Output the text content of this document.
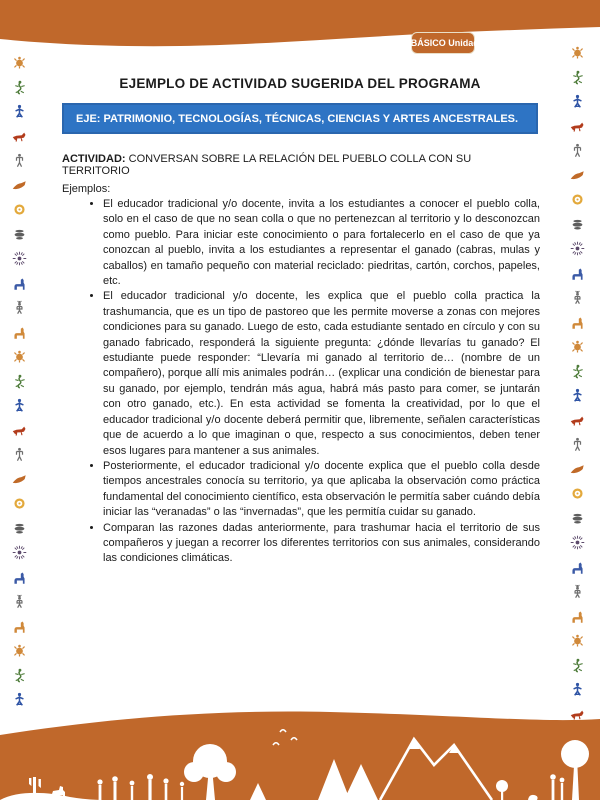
1° BÁSICO Unidad 2
EJEMPLO DE ACTIVIDAD SUGERIDA DEL PROGRAMA
EJE: PATRIMONIO, TECNOLOGÍAS, TÉCNICAS, CIENCIAS Y ARTES ANCESTRALES.

ACTIVIDAD: CONVERSAN SOBRE LA RELACIÓN DEL PUEBLO COLLA CON SU TERRITORIO

Ejemplos:

• El educador tradicional y/o docente, invita a los estudiantes a conocer el pueblo colla, solo en el caso de que no sean colla o que no pertenezcan al territorio y lo desconozcan como pueblo. Para iniciar este conocimiento o para fortalecerlo en el caso de que ya conozcan al pueblo, invita a los estudiantes a representar el ganado (cabras, mulas y caballos) en tamaño pequeño con material reciclado: piedritas, cartón, corchos, papeles, etc.
• El educador tradicional y/o docente, les explica que el pueblo colla practica la trashumancia, que es un tipo de pastoreo que les permite moverse a zonas con mejores condiciones para su ganado. Luego de esto, cada estudiante sentado en círculo y con su ganado fabricado, responderá la siguiente pregunta: ¿dónde llevarías tu ganado? El estudiante puede responder: “Llevaría mi ganado al territorio de… (nombre de un compañero), porque allí mis animales podrán… (explicar una condición de bienestar para su ganado, por ejemplo, tendrán más agua, habrá más pasto para comer, se juntarán con otro ganado, etc.). En esta actividad se fomenta la creatividad, por lo que el educador tradicional y/o docente deberá permitir que, libremente, señalen características que de acuerdo a lo que imaginan o que, respecto a sus conocimientos, deben tener esos lugares para mantener a sus animales.
• Posteriormente, el educador tradicional y/o docente explica que el pueblo colla desde tiempos ancestrales conocía su territorio, ya que aplicaba la observación como práctica fundamental del conocimiento científico, esta observación le permitía saber cuándo debía iniciar las “veranadas” o las “invernadas”, que les permitía cuidar su ganado.
• Comparan las razones dadas anteriormente, para trashumar hacia el territorio de sus compañeros y juegan a recorrer los diferentes territorios con sus animales, considerando las condiciones climáticas.
